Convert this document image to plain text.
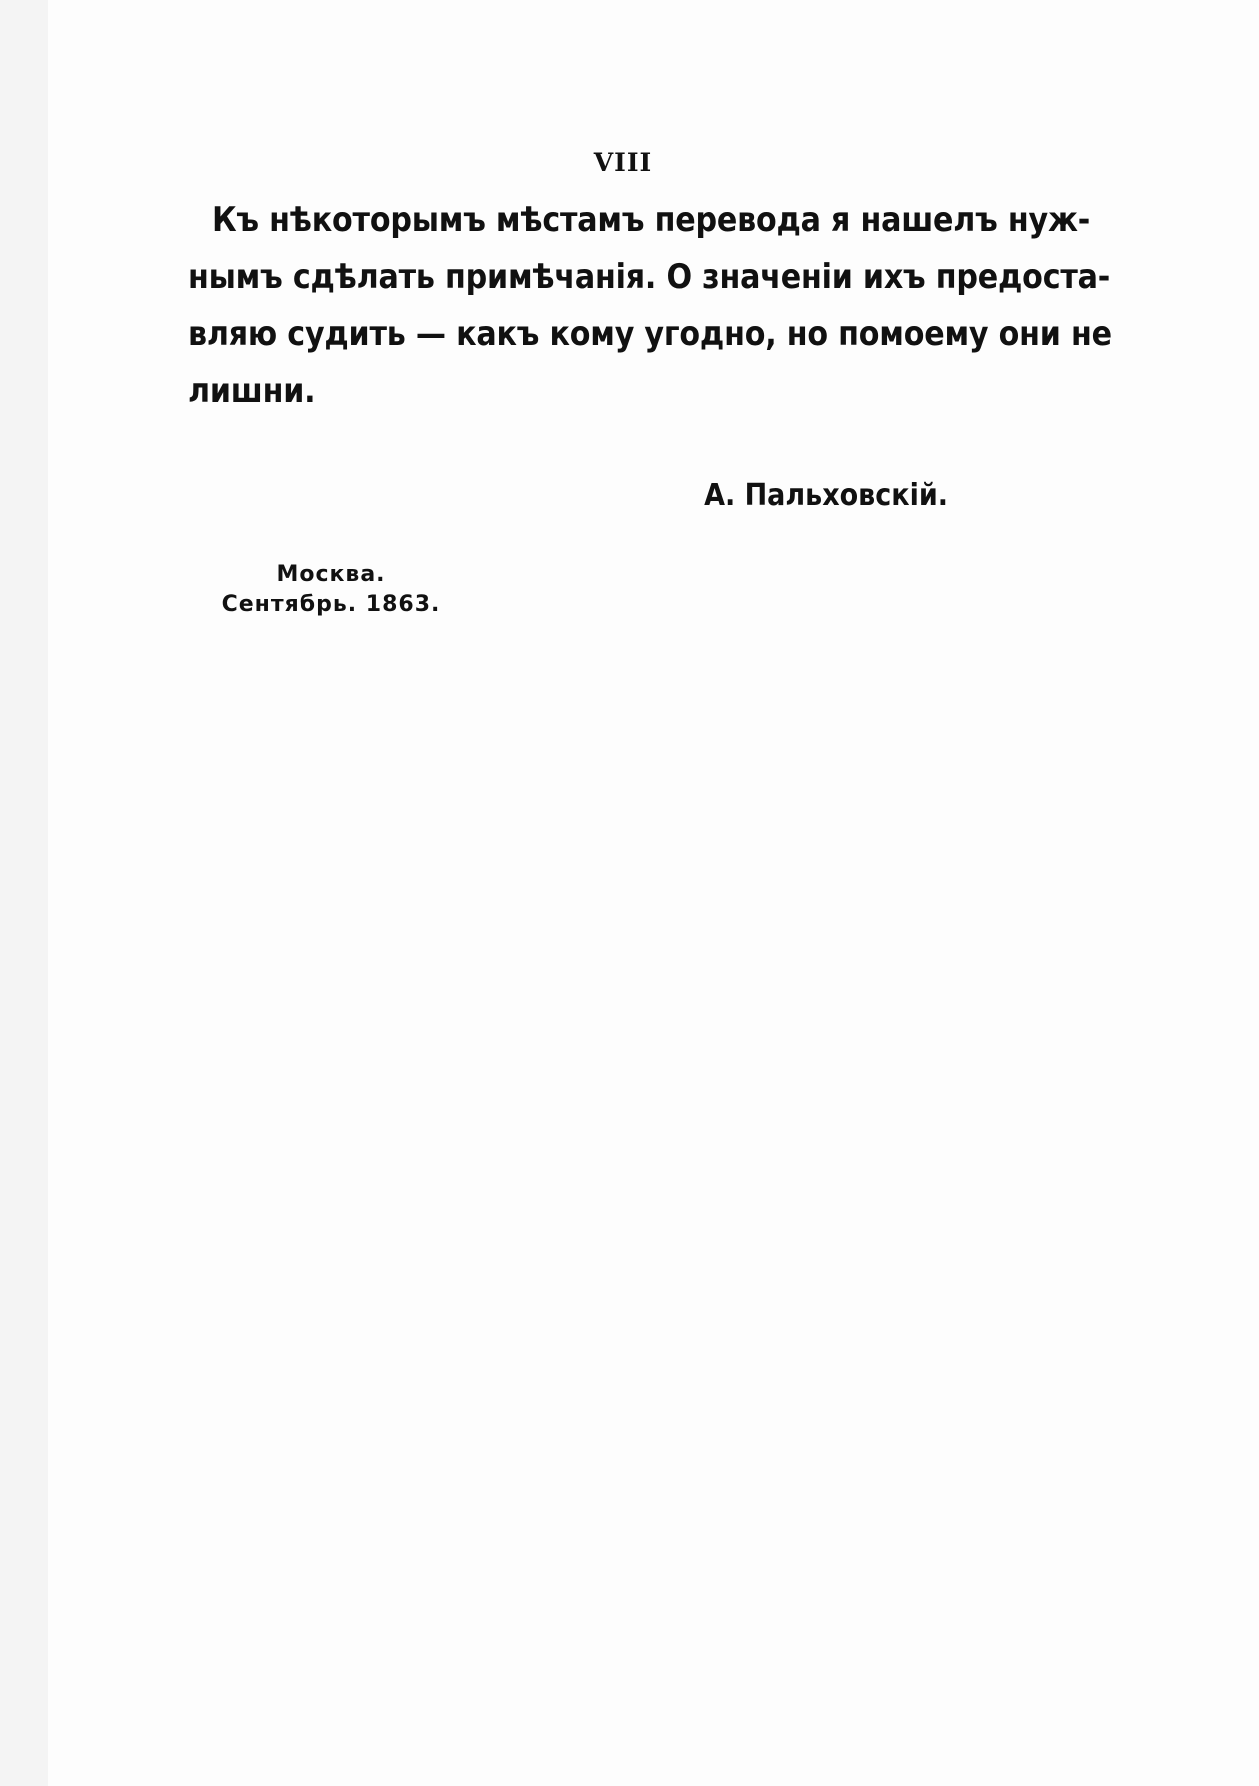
VIII

Къ нѣкоторымъ мѣстамъ перевода я нашелъ нуж-

нымъ сдѣлать примѣчанія. О значеніи ихъ предоста-

вляю судить — какъ кому угодно, но помоему они не

лишни.

А. Пальховскій.
Москва.
Сентябрь. 1863.
